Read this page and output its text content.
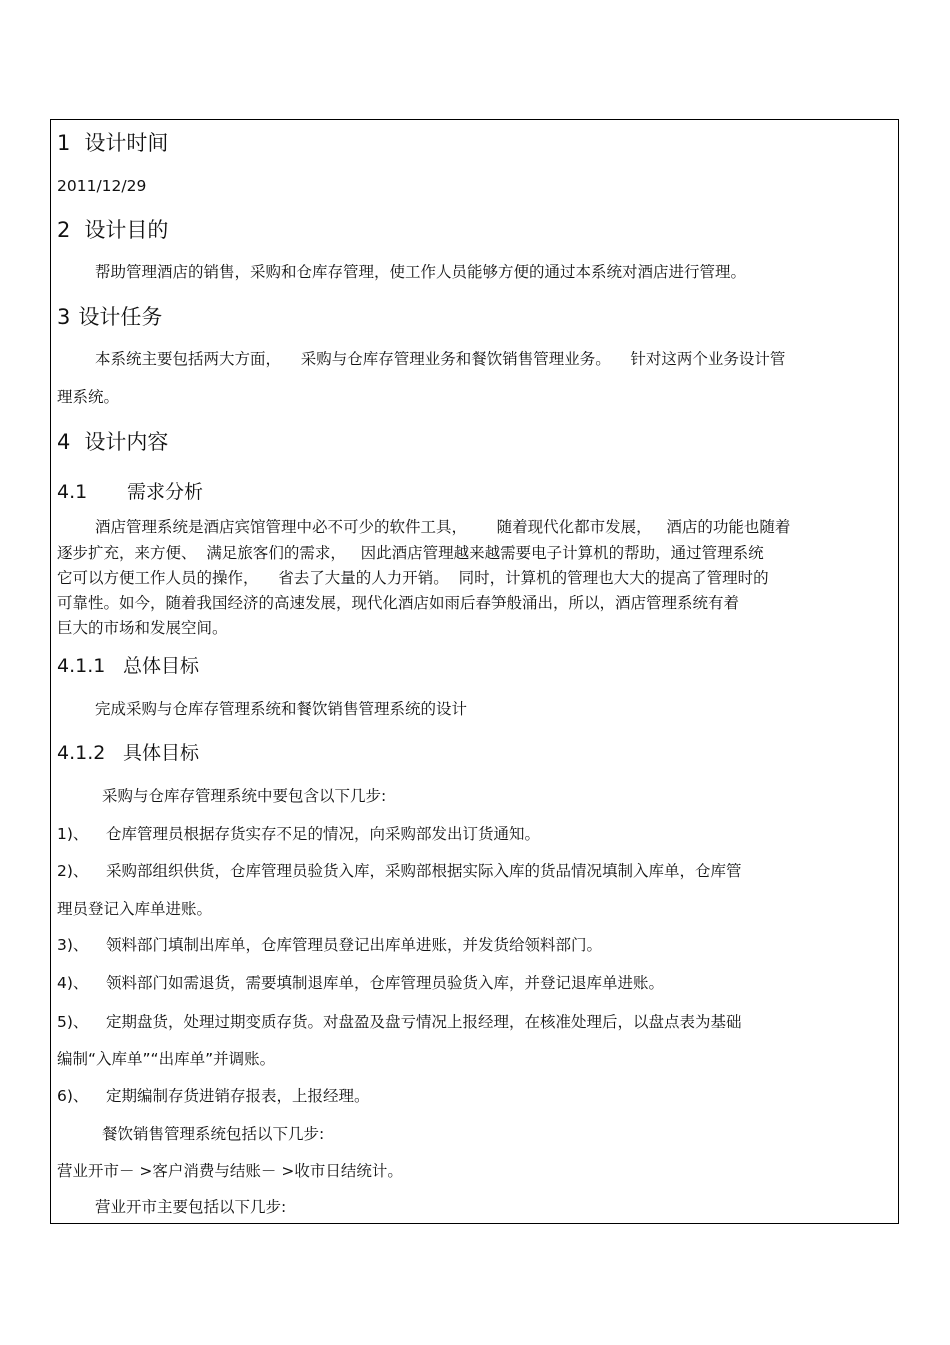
1 设计时间
2011/12/29
2 设计目的
帮助管理酒店的销售，采购和仓库存管理，使工作人员能够方便的通过本系统对酒店进行管理。
3 设计任务
本系统主要包括两大方面，    采购与仓库存管理业务和餐饮销售管理业务。    针对这两个业务设计管
理系统。
4 设计内容
4.1 需求分析
酒店管理系统是酒店宾馆管理中必不可少的软件工具，      随着现代化都市发展，   酒店的功能也随着
逐步扩充，来方便、  满足旅客们的需求，   因此酒店管理越来越需要电子计算机的帮助，通过管理系统
它可以方便工作人员的操作，    省去了大量的人力开销。  同时，计算机的管理也大大的提高了管理时的
可靠性。如今，随着我国经济的高速发展，现代化酒店如雨后春笋般涌出，所以，酒店管理系统有着
巨大的市场和发展空间。
4.1.1 总体目标
完成采购与仓库存管理系统和餐饮销售管理系统的设计
4.1.2 具体目标
采购与仓库存管理系统中要包含以下几步:
1)、 仓库管理员根据存货实存不足的情况，向采购部发出订货通知。
2)、 采购部组织供货，仓库管理员验货入库，采购部根据实际入库的货品情况填制入库单，仓库管
理员登记入库单进账。
3)、 领料部门填制出库单，仓库管理员登记出库单进账，并发货给领料部门。
4)、 领料部门如需退货，需要填制退库单，仓库管理员验货入库，并登记退库单进账。
5)、 定期盘货，处理过期变质存货。对盘盈及盘亏情况上报经理，在核准处理后，以盘点表为基础
编制“入库单”“出库单”并调账。
6)、 定期编制存货进销存报表，上报经理。
餐饮销售管理系统包括以下几步:
营业开市－ >客户消费与结账－ >收市日结统计。
营业开市主要包括以下几步:
